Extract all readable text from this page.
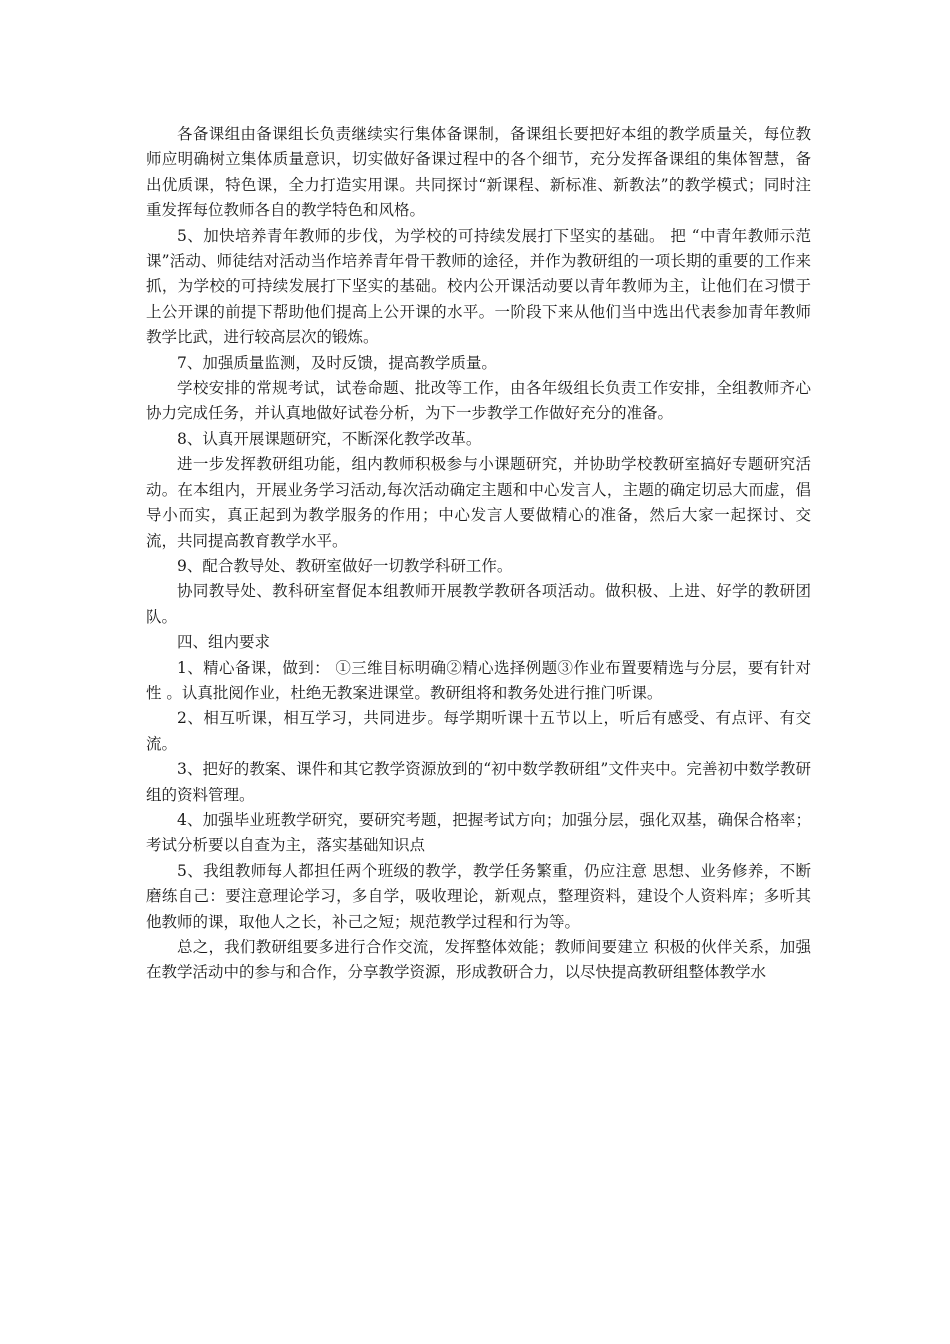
各备课组由备课组长负责继续实行集体备课制，备课组长要把好本组的教学质量关，每位教师应明确树立集体质量意识，切实做好备课过程中的各个细节，充分发挥备课组的集体智慧，备出优质课，特色课，全力打造实用课。共同探讨“新课程、新标准、新教法”的教学模式；同时注重发挥每位教师各自的教学特色和风格。

5、加快培养青年教师的步伐，为学校的可持续发展打下坚实的基础。 把 “中青年教师示范课”活动、师徒结对活动当作培养青年骨干教师的途径，并作为教研组的一项长期的重要的工作来抓，为学校的可持续发展打下坚实的基础。校内公开课活动要以青年教师为主，让他们在习惯于上公开课的前提下帮助他们提高上公开课的水平。一阶段下来从他们当中选出代表参加青年教师教学比武，进行较高层次的锻炼。

7、加强质量监测，及时反馈，提高教学质量。

学校安排的常规考试，试卷命题、批改等工作，由各年级组长负责工作安排，全组教师齐心协力完成任务，并认真地做好试卷分析，为下一步教学工作做好充分的准备。

8、认真开展课题研究，不断深化教学改革。

进一步发挥教研组功能，组内教师积极参与小课题研究，并协助学校教研室搞好专题研究活动。在本组内，开展业务学习活动,每次活动确定主题和中心发言人，主题的确定切忌大而虚，倡导小而实，真正起到为教学服务的作用；中心发言人要做精心的准备，然后大家一起探讨、交流，共同提高教育教学水平。

9、配合教导处、教研室做好一切教学科研工作。

协同教导处、教科研室督促本组教师开展教学教研各项活动。做积极、上进、好学的教研团队。

四、组内要求

1、精心备课，做到： ①三维目标明确②精心选择例题③作业布置要精选与分层，要有针对性 。认真批阅作业，杜绝无教案进课堂。教研组将和教务处进行推门听课。

2、相互听课，相互学习，共同进步。每学期听课十五节以上，听后有感受、有点评、有交流。

3、把好的教案、课件和其它教学资源放到的“初中数学教研组”文件夹中。完善初中数学教研组的资料管理。

4、加强毕业班教学研究，要研究考题，把握考试方向；加强分层，强化双基，确保合格率；考试分析要以自查为主，落实基础知识点

5、我组教师每人都担任两个班级的教学，教学任务繁重，仍应注意 思想、业务修养，不断磨练自己：要注意理论学习，多自学，吸收理论，新观点，整理资料，建设个人资料库；多听其他教师的课，取他人之长，补己之短；规范教学过程和行为等。

总之，我们教研组要多进行合作交流，发挥整体效能；教师间要建立 积极的伙伴关系，加强在教学活动中的参与和合作，分享教学资源，形成教研合力，以尽快提高教研组整体教学水
